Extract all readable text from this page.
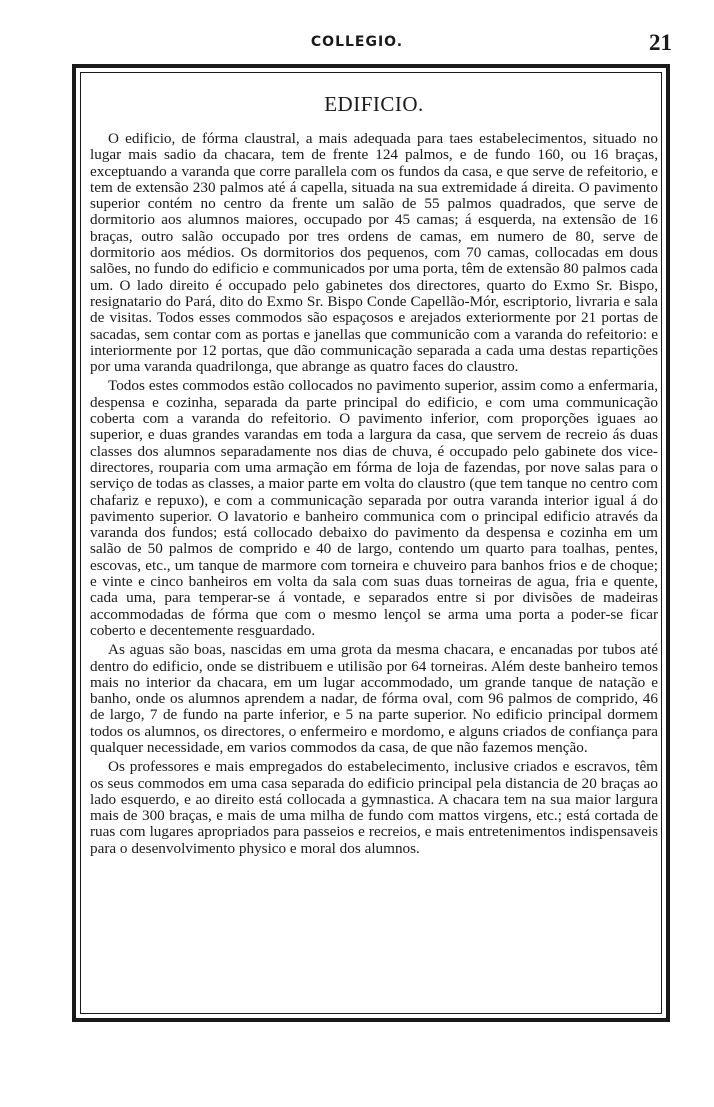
COLLEGIO.	21
EDIFICIO.

O edificio, de fórma claustral, a mais adequada para taes estabelecimentos, situado no lugar mais sadio da chacara, tem de frente 124 palmos, e de fundo 160, ou 16 braças, exceptuando a varanda que corre parallela com os fundos da casa, e que serve de refeitorio, e tem de extensão 230 palmos até á capella, situada na sua extremidade á direita. O pavimento superior contém no centro da frente um salão de 55 palmos quadrados, que serve de dormitorio aos alumnos maiores, occupado por 45 camas; á esquerda, na extensão de 16 braças, outro salão occupado por tres ordens de camas, em numero de 80, serve de dormitorio aos médios. Os dormitorios dos pequenos, com 70 camas, collocadas em dous salões, no fundo do edificio e communicados por uma porta, têm de extensão 80 palmos cada um. O lado direito é occupado pelo gabinetes dos directores, quarto do Exmo Sr. Bispo, resignatario do Pará, dito do Exmo Sr. Bispo Conde Capellão-Mór, escriptorio, livraria e sala de visitas. Todos esses commodos são espaçosos e arejados exteriormente por 21 portas de sacadas, sem contar com as portas e janellas que communicão com a varanda do refeitorio: e interiormente por 12 portas, que dão communicação separada a cada uma destas repartições por uma varanda quadrilonga, que abrange as quatro faces do claustro.

Todos estes commodos estão collocados no pavimento superior, assim como a enfermaria, despensa e cozinha, separada da parte principal do edificio, e com uma communicação coberta com a varanda do refeitorio. O pavimento inferior, com proporções iguaes ao superior, e duas grandes varandas em toda a largura da casa, que servem de recreio ás duas classes dos alumnos separadamente nos dias de chuva, é occupado pelo gabinete dos vice-directores, rouparia com uma armação em fórma de loja de fazendas, por nove salas para o serviço de todas as classes, a maior parte em volta do claustro (que tem tanque no centro com chafariz e repuxo), e com a communicação separada por outra varanda interior igual á do pavimento superior. O lavatorio e banheiro communica com o principal edificio através da varanda dos fundos; está collocado debaixo do pavimento da despensa e cozinha em um salão de 50 palmos de comprido e 40 de largo, contendo um quarto para toalhas, pentes, escovas, etc., um tanque de marmore com torneira e chuveiro para banhos frios e de choque; e vinte e cinco banheiros em volta da sala com suas duas torneiras de agua, fria e quente, cada uma, para temperar-se á vontade, e separados entre si por divisões de madeiras accommodadas de fórma que com o mesmo lençol se arma uma porta a poder-se ficar coberto e decentemente resguardado.

As aguas são boas, nascidas em uma grota da mesma chacara, e encanadas por tubos até dentro do edificio, onde se distribuem e utilisão por 64 torneiras. Além deste banheiro temos mais no interior da chacara, em um lugar accommodado, um grande tanque de natação e banho, onde os alumnos aprendem a nadar, de fórma oval, com 96 palmos de comprido, 46 de largo, 7 de fundo na parte inferior, e 5 na parte superior. No edificio principal dormem todos os alumnos, os directores, o enfermeiro e mordomo, e alguns criados de confiança para qualquer necessidade, em varios commodos da casa, de que não fazemos menção.

Os professores e mais empregados do estabelecimento, inclusive criados e escravos, têm os seus commodos em uma casa separada do edificio principal pela distancia de 20 braças ao lado esquerdo, e ao direito está collocada a gymnastica. A chacara tem na sua maior largura mais de 300 braças, e mais de uma milha de fundo com mattos virgens, etc.; está cortada de ruas com lugares apropriados para passeios e recreios, e mais entretenimentos indispensaveis para o desenvolvimento physico e moral dos alumnos.
